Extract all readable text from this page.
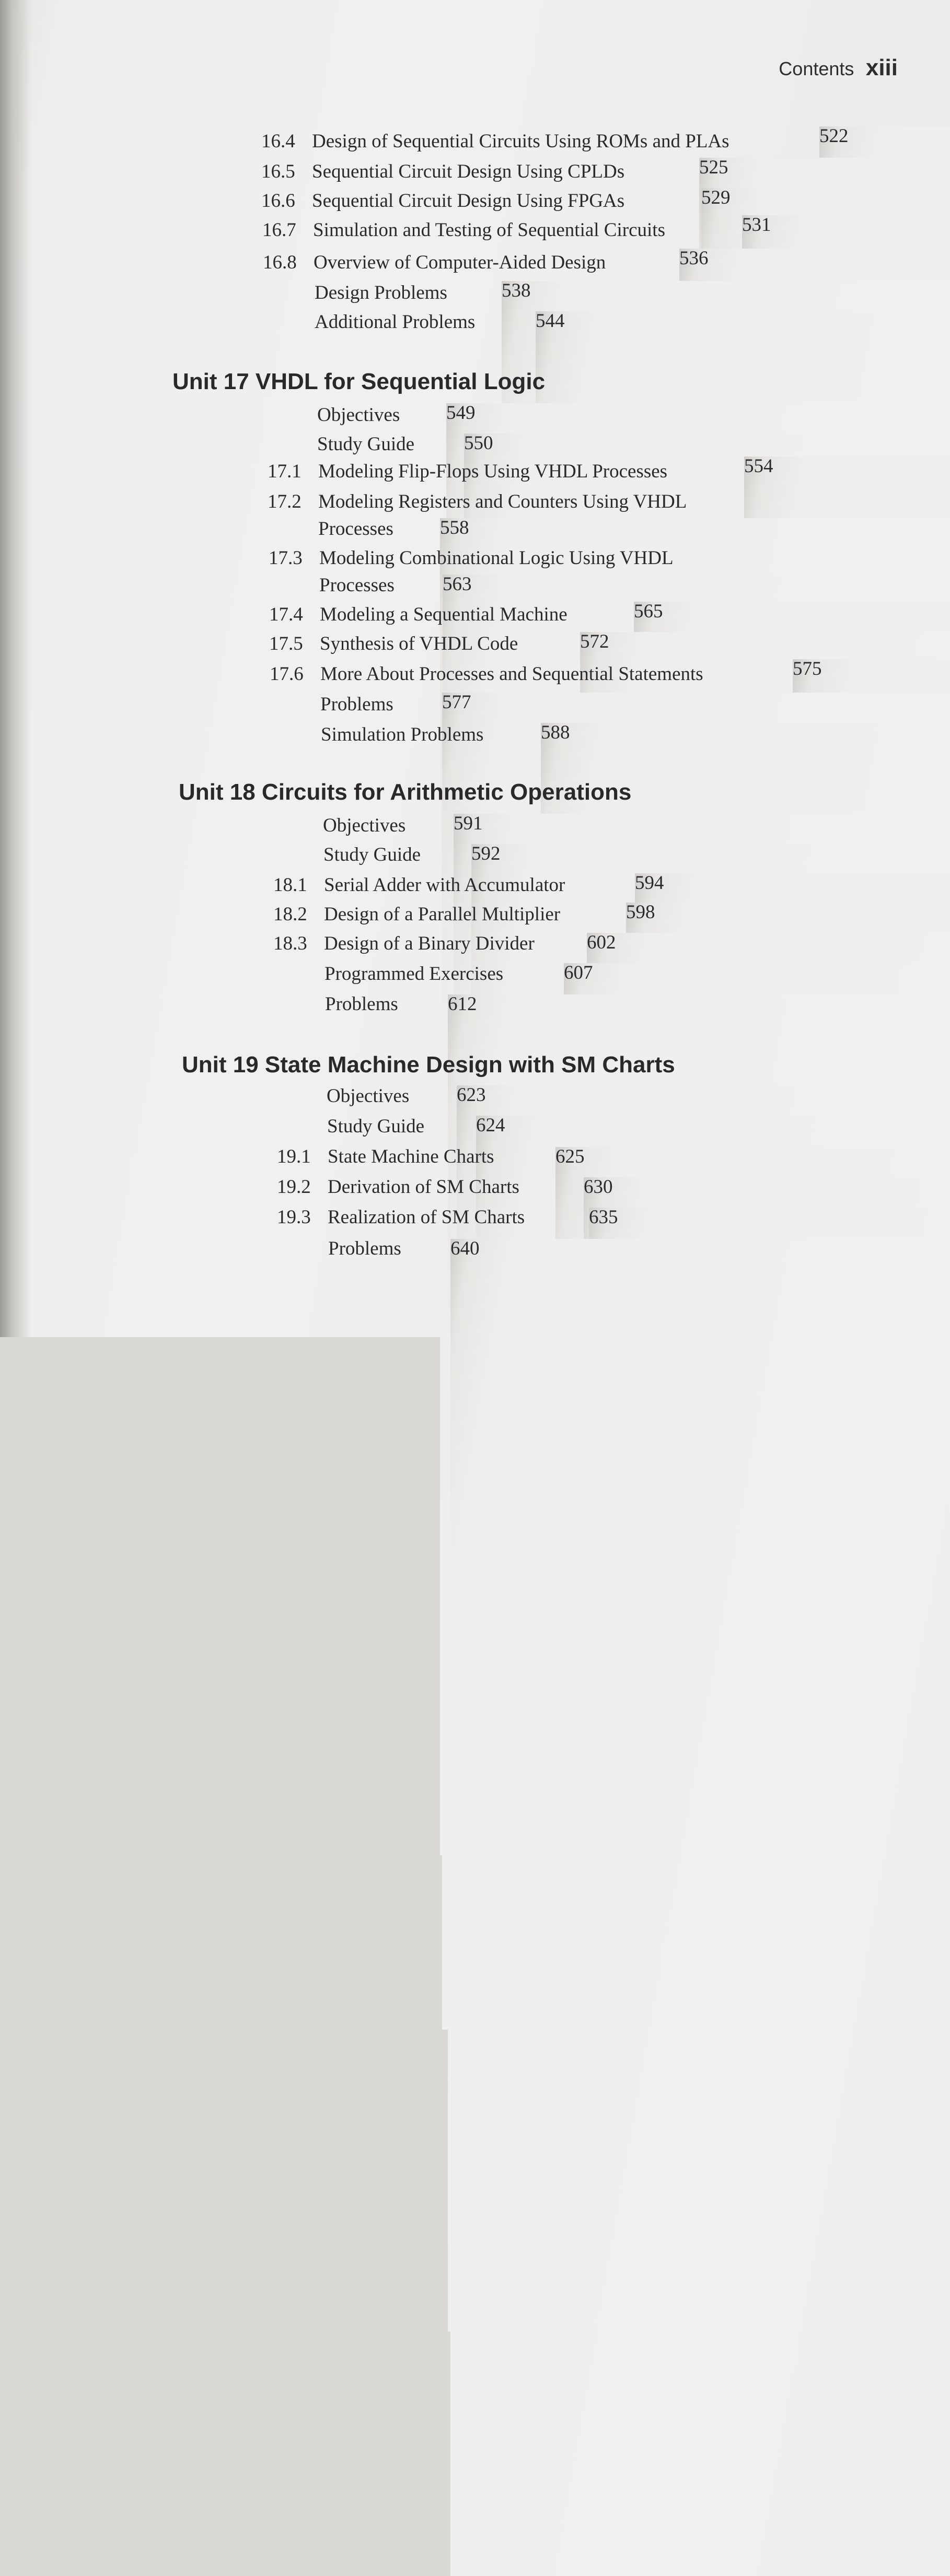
Contents xiii
16.4 Design of Sequential Circuits Using ROMs and PLAs	522
16.5 Sequential Circuit Design Using CPLDs	525
16.6 Sequential Circuit Design Using FPGAs	529
16.7 Simulation and Testing of Sequential Circuits	531
16.8 Overview of Computer-Aided Design	536
Design Problems	538
Additional Problems	544
Unit 17 VHDL for Sequential Logic
Objectives 549
Study Guide	550
17.1 Modeling Flip-Flops Using VHDL Processes	554
17.2 Modeling Registers and Counters Using VHDL
Processes 558
17.3 Modeling Combinational Logic Using VHDL
Processes 563
17.4 Modeling a Sequential Machine	565
17.5 Synthesis of VHDL Code	572
17.6 More About Processes and Sequential Statements	575
Problems	577
Simulation Problems	588
Unit 18 Circuits for Arithmetic Operations
Objectives 591
Study Guide	592
18.1 Serial Adder with Accumulator	594
18.2 Design of a Parallel Multiplier	598
18.3 Design of a Binary Divider	602
Programmed Exercises	607
Problems	612
Unit 19 State Machine Design with SM Charts
Objectives 623
Study Guide	624
19.1 State Machine Charts	625
19.2 Derivation of SM Charts	630
19.3 Realization of SM Charts	635
Problems	640
